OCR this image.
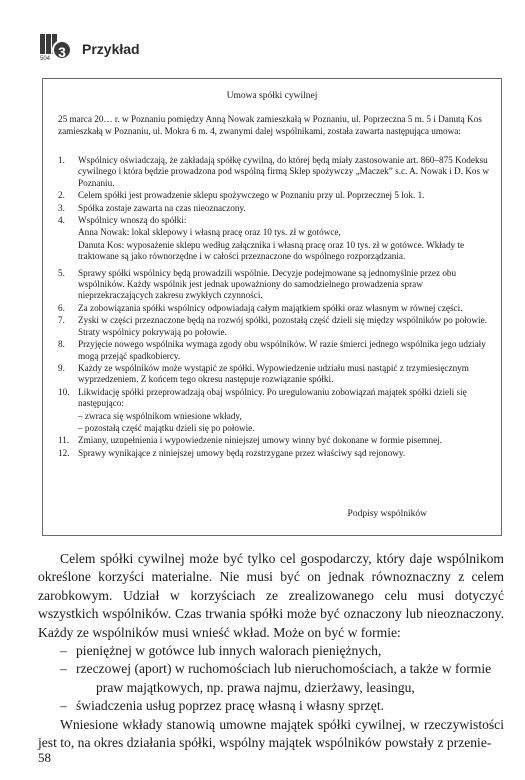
3
504
Przykład
Umowa spółki cywilnej
25 marca 20… r. w Poznaniu pomiędzy Anną Nowak zamieszkałą w Poznaniu, ul. Poprzeczna 5 m. 5 i Danutą Kos zamieszkałą w Poznaniu, ul. Mokra 6 m. 4, zwanymi dalej wspólnikami, została zawarta następująca umowa:
1. Wspólnicy oświadczają, że zakładają spółkę cywilną, do której będą miały zastosowanie art. 860–875 Kodeksu cywilnego i która będzie prowadzona pod wspólną firmą Sklep spożywczy „Maczek” s.c. A. Nowak i D. Kos w Poznaniu.
2. Celem spółki jest prowadzenie sklepu spożywczego w Poznaniu przy ul. Poprzecznej 5 lok. 1.
3. Spółka zostaje zawarta na czas nieoznaczony.
4. Wspólnicy wnoszą do spółki:
Anna Nowak: lokal sklepowy i własną pracę oraz 10 tys. zł w gotówce,
Danuta Kos: wyposażenie sklepu według załącznika i własną pracę oraz 10 tys. zł w gotówce. Wkłady te traktowane są jako równorzędne i w całości przeznaczone do wspólnego rozporządzania.
5. Sprawy spółki wspólnicy będą prowadzili wspólnie. Decyzje podejmowane są jednomyślnie przez obu wspólników. Każdy wspólnik jest jednak upoważniony do samodzielnego prowadzenia spraw nieprzekraczających zakresu zwykłych czynności.
6. Za zobowiązania spółki wspólnicy odpowiadają całym majątkiem spółki oraz własnym w równej części.
7. Zyski w części przeznaczone będą na rozwój spółki, pozostałą część dzieli się między wspólników po połowie. Straty wspólnicy pokrywają po połowie.
8. Przyjęcie nowego wspólnika wymaga zgody obu wspólników. W razie śmierci jednego wspólnika jego udziały mogą przejąć spadkobiercy.
9. Każdy ze wspólników może wystąpić ze spółki. Wypowiedzenie udziału musi nastąpić z trzymiesięcznym wyprzedzeniem. Z końcem tego okresu następuje rozwiązanie spółki.
10. Likwidację spółki przeprowadzają obaj wspólnicy. Po uregulowaniu zobowiązań majątek spółki dzieli się następująco:
– zwraca się wspólnikom wniesione wkłady,
– pozostałą część majątku dzieli się po połowie.
11. Zmiany, uzupełnienia i wypowiedzenie niniejszej umowy winny być dokonane w formie pisemnej.
12. Sprawy wynikające z niniejszej umowy będą rozstrzygane przez właściwy sąd rejonowy.
Podpisy wspólników

Celem spółki cywilnej może być tylko cel gospodarczy, który daje wspólnikom określone korzyści materialne. Nie musi być on jednak równoznaczny z celem zarobkowym. Udział w korzyściach ze zrealizowanego celu musi dotyczyć wszystkich wspólników. Czas trwania spółki może być oznaczony lub nieoznaczony. Każdy ze wspólników musi wnieść wkład. Może on być w formie:

– pieniężnej w gotówce lub innych walorach pieniężnych,
– rzeczowej (aport) w ruchomościach lub nieruchomościach, a także w formie
praw majątkowych, np. prawa najmu, dzierżawy, leasingu,
– świadczenia usług poprzez pracę własną i własny sprzęt.

Wniesione wkłady stanowią umowne majątek spółki cywilnej, w rzeczywistości jest to, na okres działania spółki, wspólny majątek wspólników powstały z przenie-

58
